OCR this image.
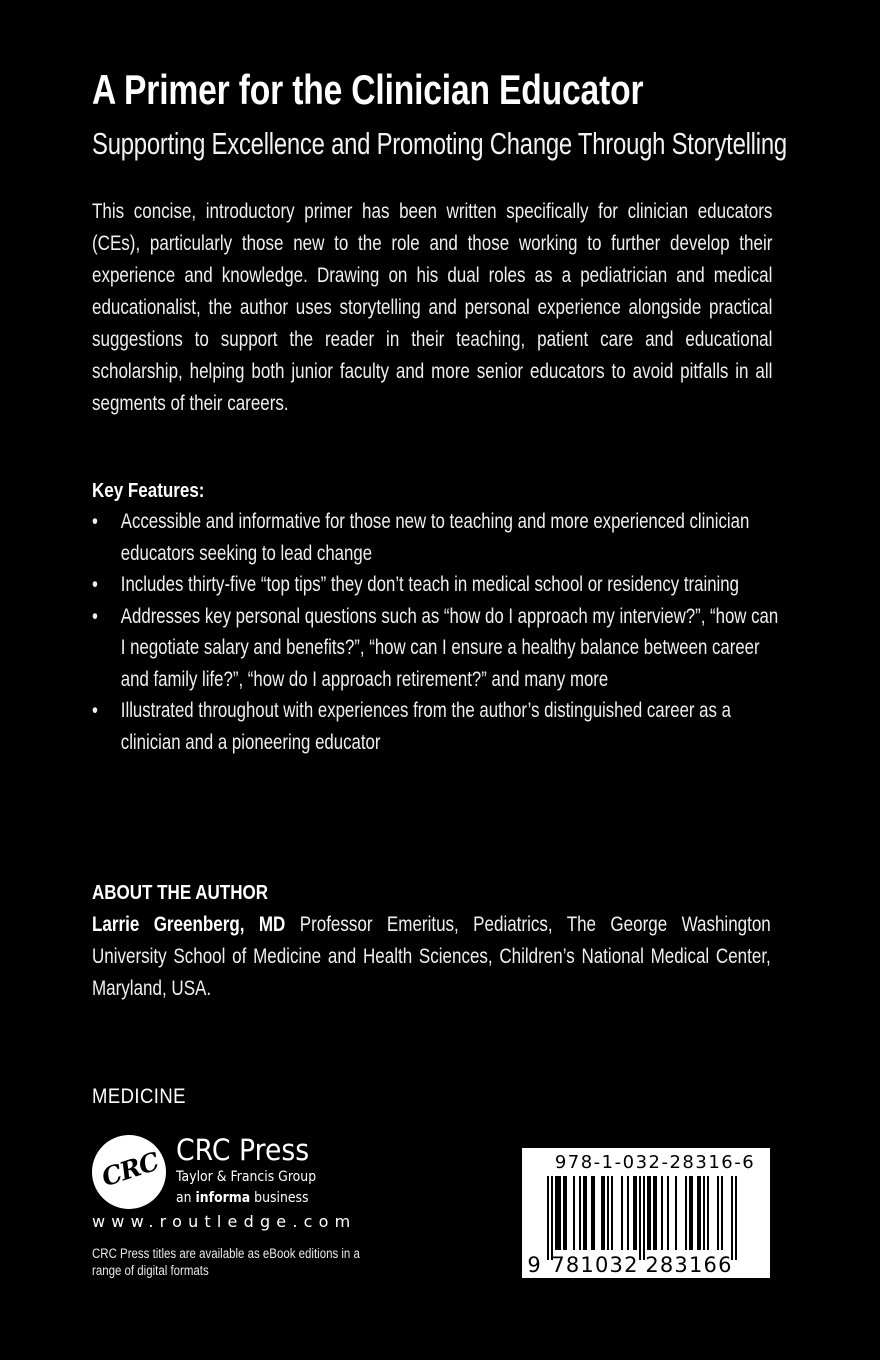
A Primer for the Clinician Educator
Supporting Excellence and Promoting Change Through Storytelling
This concise, introductory primer has been written specifically for clinician educators (CEs), particularly those new to the role and those working to further develop their experience and knowledge. Drawing on his dual roles as a pediatrician and medical educationalist, the author uses storytelling and personal experience alongside practical suggestions to support the reader in their teaching, patient care and educational scholarship, helping both junior faculty and more senior educators to avoid pitfalls in all segments of their careers.
Key Features:
• Accessible and informative for those new to teaching and more experienced clinician educators seeking to lead change
• Includes thirty-five “top tips” they don’t teach in medical school or residency training
• Addresses key personal questions such as “how do I approach my interview?”, “how can I negotiate salary and benefits?”, “how can I ensure a healthy balance between career and family life?”, “how do I approach retirement?” and many more
• Illustrated throughout with experiences from the author’s distinguished career as a clinician and a pioneering educator
ABOUT THE AUTHOR
Larrie Greenberg, MD Professor Emeritus, Pediatrics, The George Washington University School of Medicine and Health Sciences, Children’s National Medical Center, Maryland, USA.
MEDICINE
CRC CRC Press
Taylor & Francis Group
an informa business
www.routledge.com
CRC Press titles are available as eBook editions in a range of digital formats
978-1-032-28316-6
9 781032 283166
